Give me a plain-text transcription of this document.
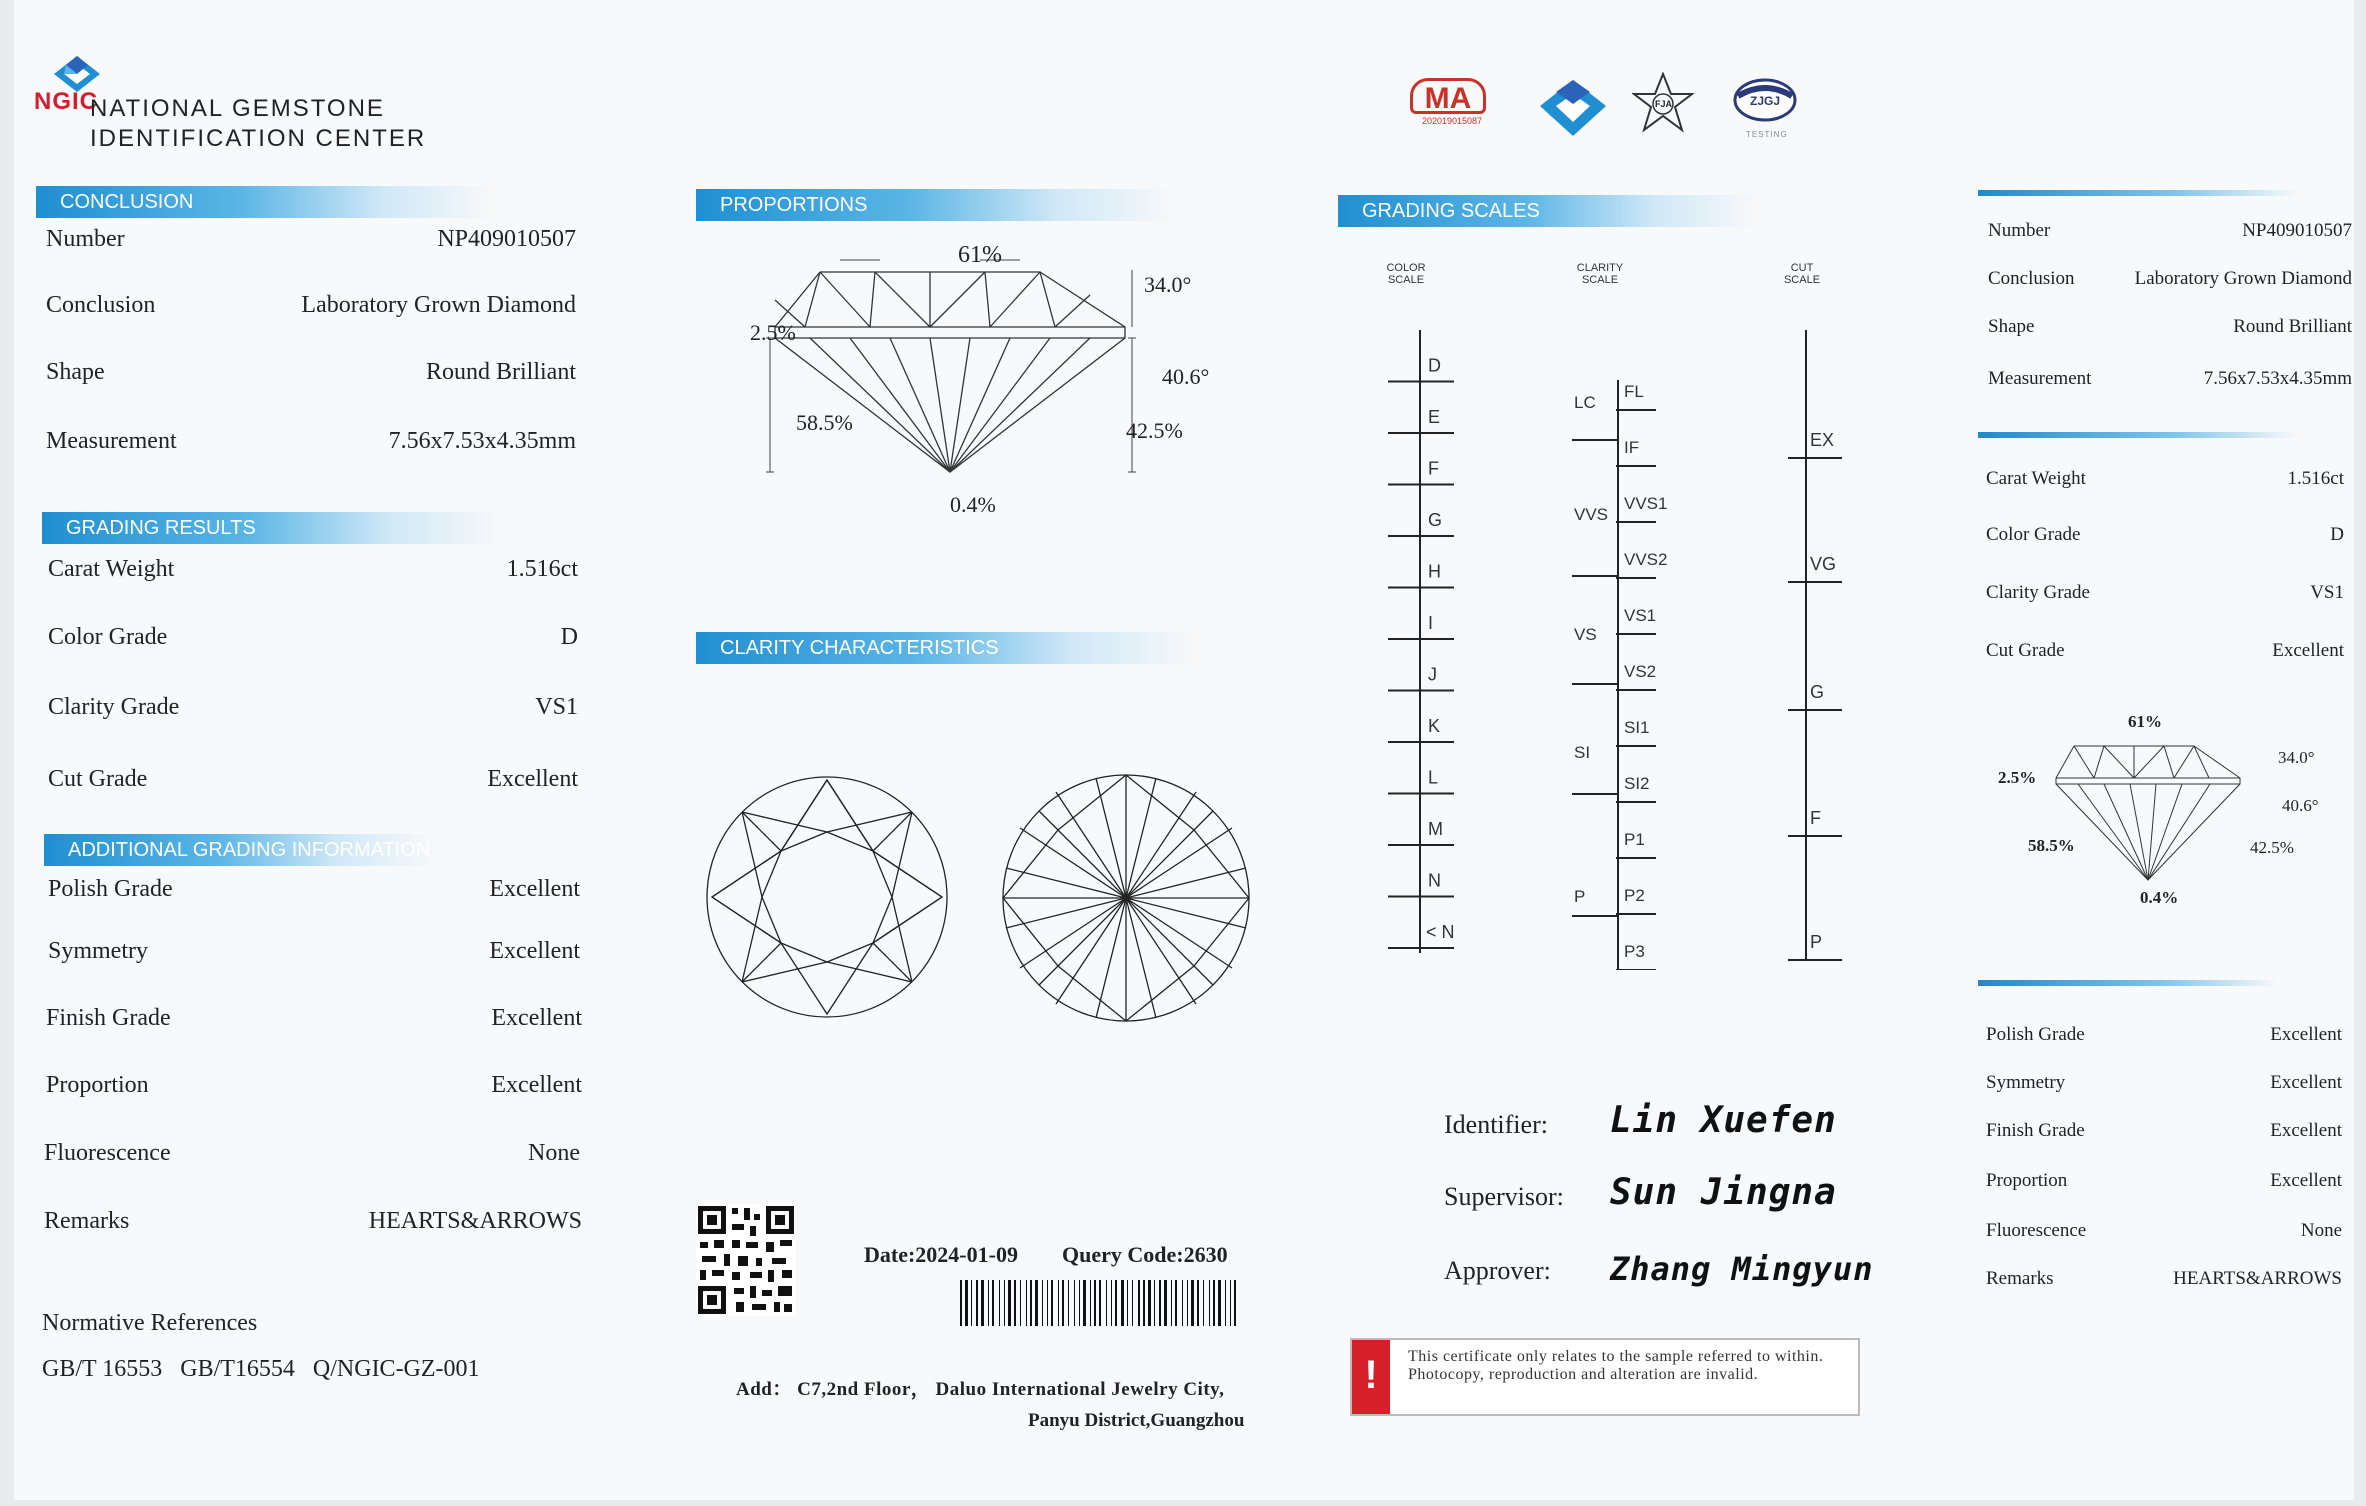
NGIC
NATIONAL GEMSTONE
IDENTIFICATION CENTER
CONCLUSION
Number	NP409010507
Conclusion	Laboratory Grown Diamond
Shape	Round Brilliant
Measurement	7.56x7.53x4.35mm
GRADING RESULTS
Carat Weight	1.516ct
Color Grade	D
Clarity Grade	VS1
Cut Grade	Excellent
ADDITIONAL GRADING INFORMATION
Polish Grade	Excellent
Symmetry	Excellent
Finish Grade	Excellent
Proportion	Excellent
Fluorescence	None
Remarks	HEARTS&ARROWS
Normative References
GB/T 16553   GB/T16554   Q/NGIC-GZ-001
PROPORTIONS
61%
34.0°
2.5%
40.6°
58.5%	42.5%
0.4%
CLARITY CHARACTERISTICS
Date:2024-01-09 Query Code:2630
Add： C7,2nd Floor， Daluo International Jewelry City,
Panyu District,Guangzhou
MA
202019015087
FJA	ZJGJ
TESTING
GRADING SCALES
COLOR
SCALE
CLARITY
SCALE
CUT
SCALE
D
E
F
G
H
I
J
K
L
M
N
< N
FL
IF
VVS1
VVS2
VS1
VS2
SI1
SI2
P1
P2
P3
LC
VVS
VS
SI
P
EX
VG
G
F
P
Identifier: Lin Xuefen
Supervisor: Sun Jingna
Approver: Zhang Mingyun
!	This certificate only relates to the sample referred to within. Photocopy, reproduction and alteration are invalid.
Number	NP409010507
Conclusion	Laboratory Grown Diamond
Shape	Round Brilliant
Measurement	7.56x7.53x4.35mm
Carat Weight	1.516ct
Color Grade	D
Clarity Grade	VS1
Cut Grade	Excellent
61%
34.0°
2.5%
40.6°
58.5%	42.5%
0.4%
Polish Grade	Excellent
Symmetry	Excellent
Finish Grade	Excellent
Proportion	Excellent
Fluorescence	None
Remarks	HEARTS&ARROWS
